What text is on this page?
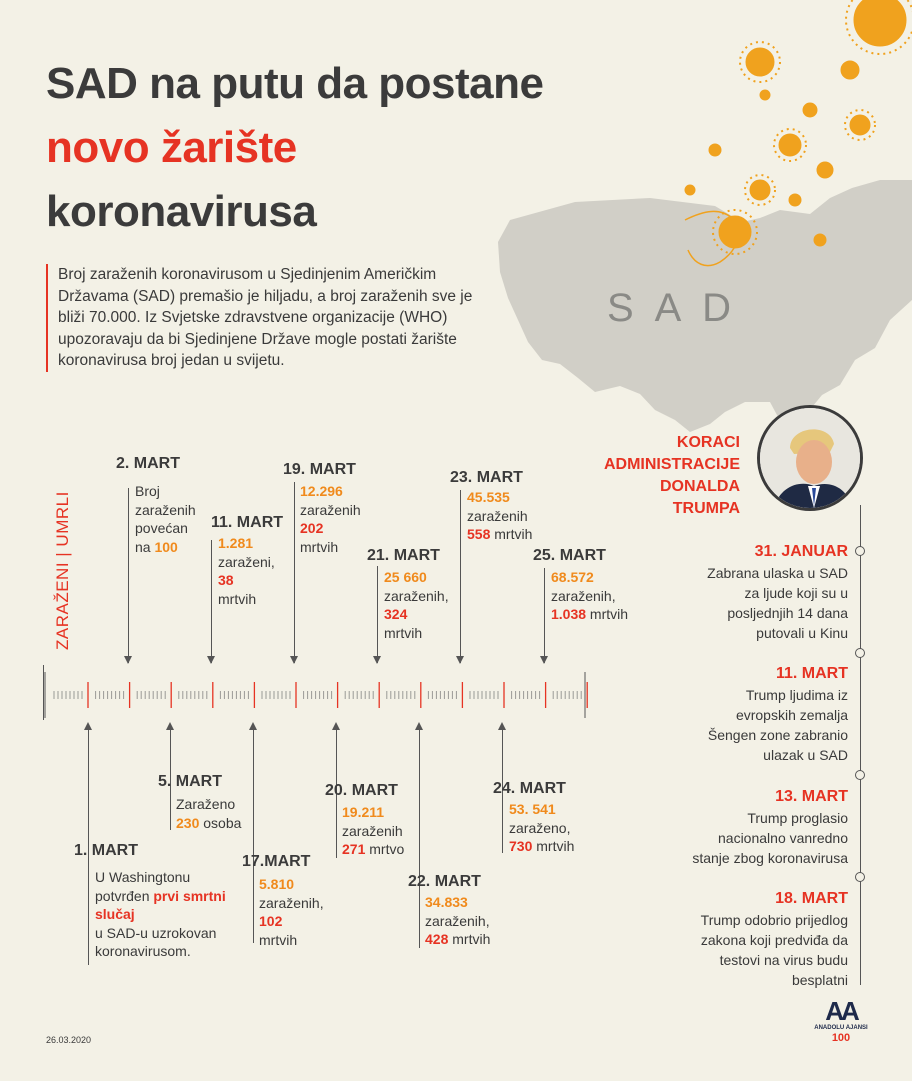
S A D
SAD na putu da postane
novo žarište
koronavirusa
Broj zaraženih koronavirusom u Sjedinjenim Američkim Državama (SAD) premašio je hiljadu, a broj zaraženih sve je bliži 70.000. Iz Svjetske zdravstvene organizacije (WHO) upozoravaju da bi Sjedinjene Države mogle postati žarište koronavirusa broj jedan u svijetu.
ZARAŽENI | UMRLI
2. MART
Broj
zaraženih
povećan
na 100
11. MART
1.281
zaraženi,
38
mrtvih
19. MART
12.296
zaraženih
202
mrtvih
21. MART
25 660
zaraženih,
324
mrtvih
23. MART
45.535
zaraženih
558 mrtvih
25. MART
68.572
zaraženih,
1.038 mrtvih
1. MART
U Washingtonu
potvrđen prvi smrtni
slučaj
u SAD-u uzrokovan
koronavirusom.
5. MART
Zaraženo
230 osoba
17.MART
5.810
zaraženih,
102
mrtvih
20. MART
19.211
zaraženih
271 mrtvo
22. MART
34.833
zaraženih,
428 mrtvih
24. MART
53. 541
zaraženo,
730 mrtvih
KORACI
ADMINISTRACIJE
DONALDA
TRUMPA
31. JANUAR
Zabrana ulaska u SAD
za ljude koji su u
posljednjih 14 dana
putovali u Kinu
11. MART
Trump ljudima iz
evropskih zemalja
Šengen zone zabranio
ulazak u SAD
13. MART
Trump proglasio
nacionalno vanredno
stanje zbog koronavirusa
18. MART
Trump odobrio prijedlog
zakona koji predviđa da
testovi na virus budu
besplatni
26.03.2020
AA
ANADOLU AJANSI
100
